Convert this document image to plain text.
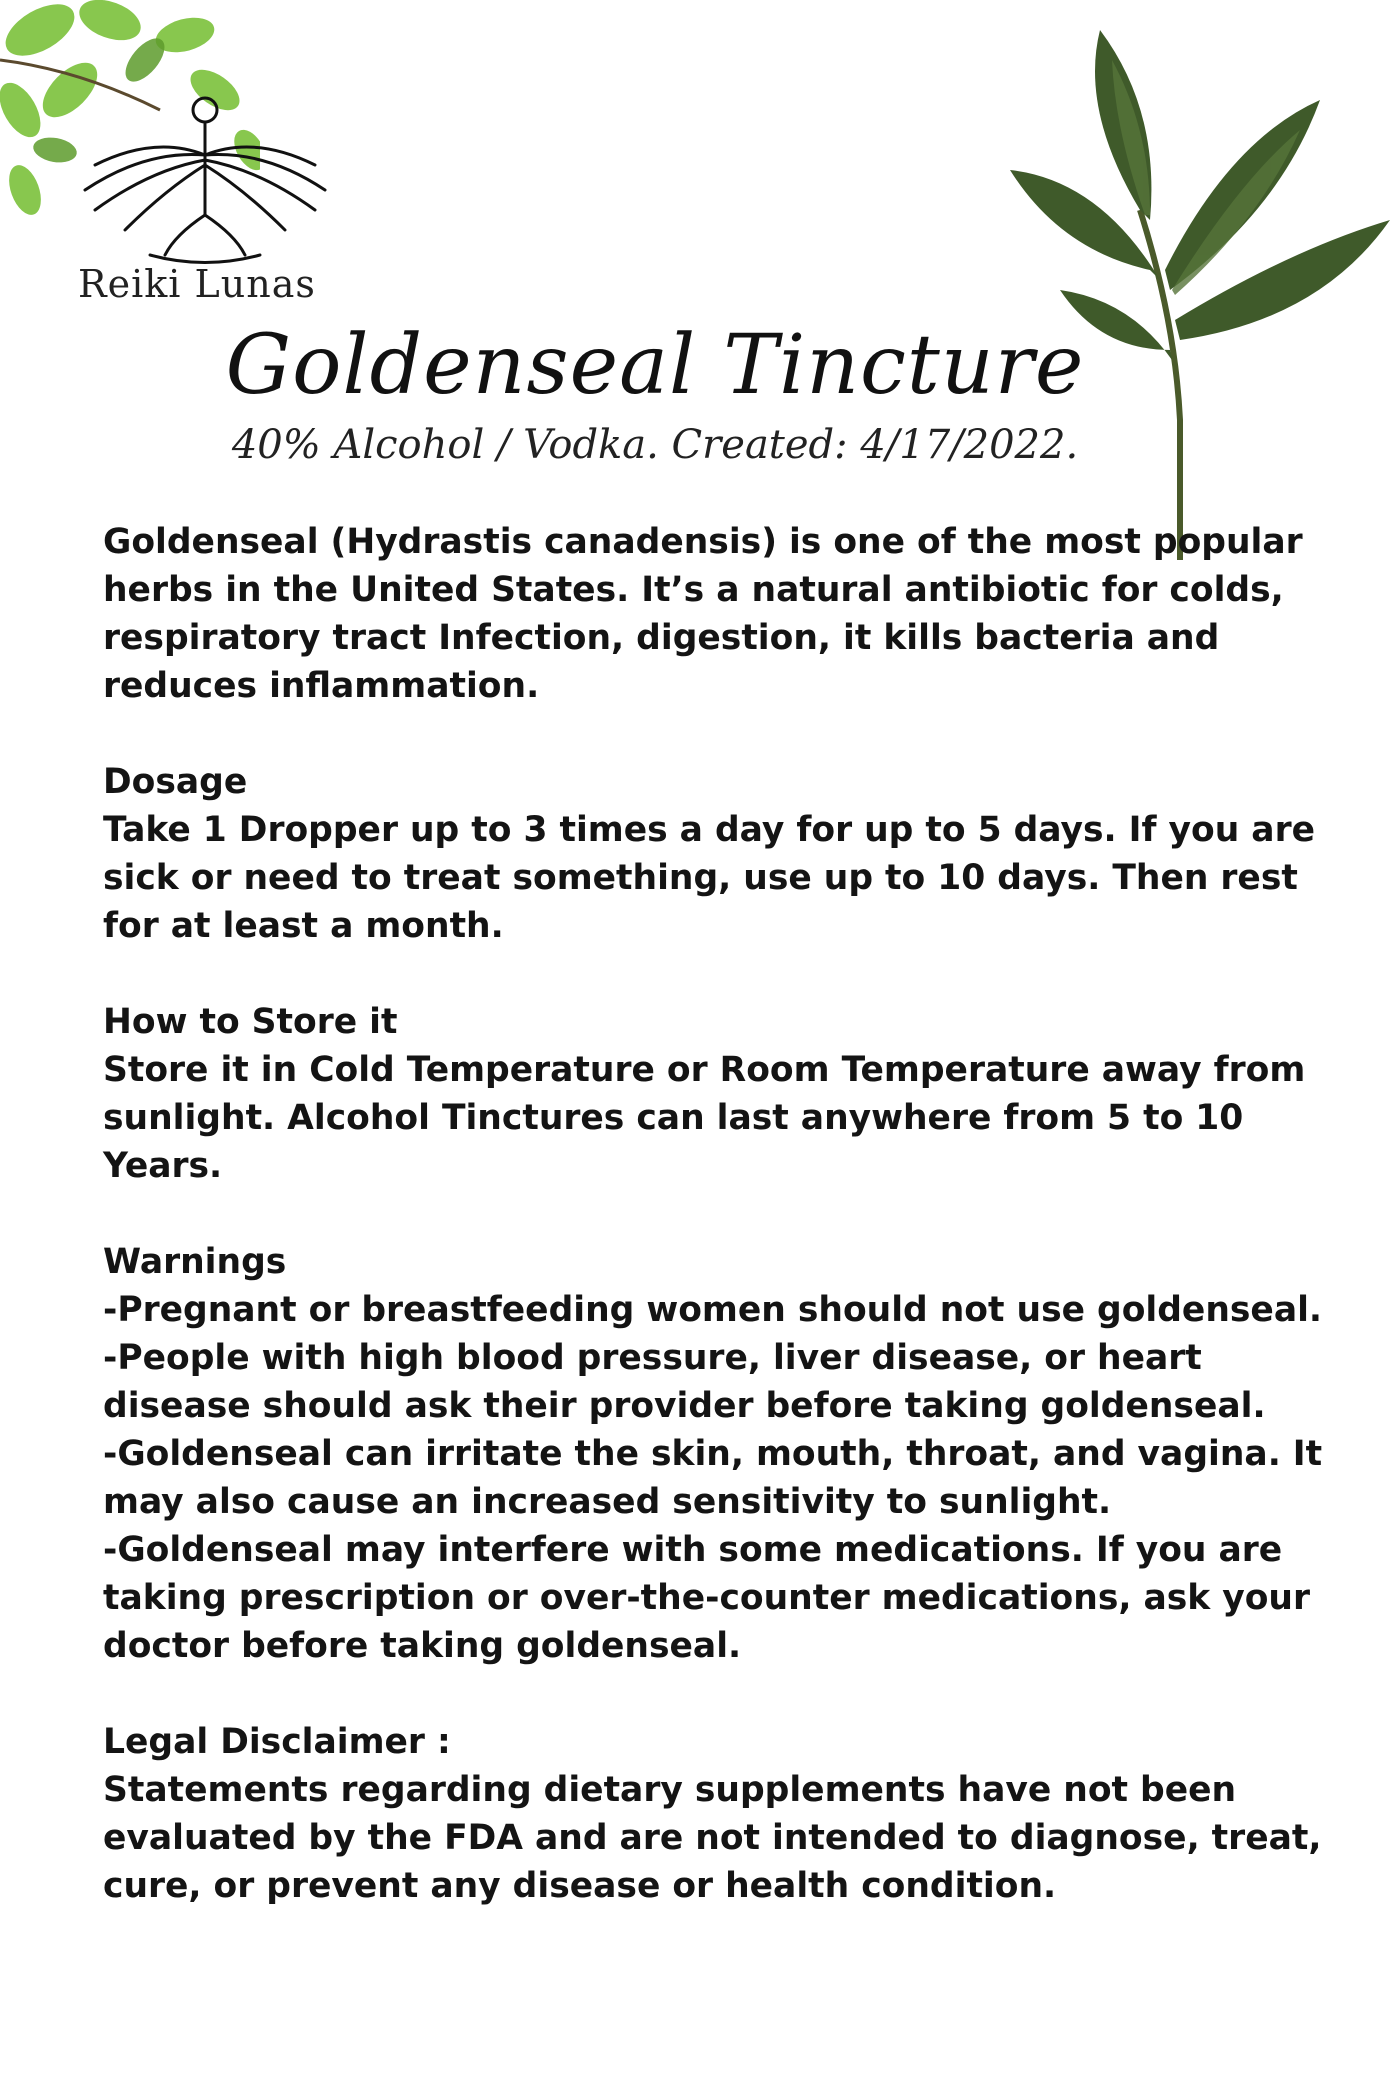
Reiki Lunas
Goldenseal Tincture
40% Alcohol / Vodka. Created: 4/17/2022.

Goldenseal (Hydrastis canadensis) is one of the most popular herbs in the United States. It’s a natural antibiotic for colds, respiratory tract Infection, digestion, it kills bacteria and reduces inflammation.

Dosage
Take 1 Dropper up to 3 times a day for up to 5 days. If you are sick or need to treat something, use up to 10 days. Then rest for at least a month.

How to Store it
Store it in Cold Temperature or Room Temperature away from sunlight. Alcohol Tinctures can last anywhere from 5 to 10 Years.

Warnings
-Pregnant or breastfeeding women should not use goldenseal.
-People with high blood pressure, liver disease, or heart disease should ask their provider before taking goldenseal.
-Goldenseal can irritate the skin, mouth, throat, and vagina. It may also cause an increased sensitivity to sunlight.
-Goldenseal may interfere with some medications. If you are taking prescription or over-the-counter medications, ask your doctor before taking goldenseal.

Legal Disclaimer :
Statements regarding dietary supplements have not been evaluated by the FDA and are not intended to diagnose, treat, cure, or prevent any disease or health condition.
